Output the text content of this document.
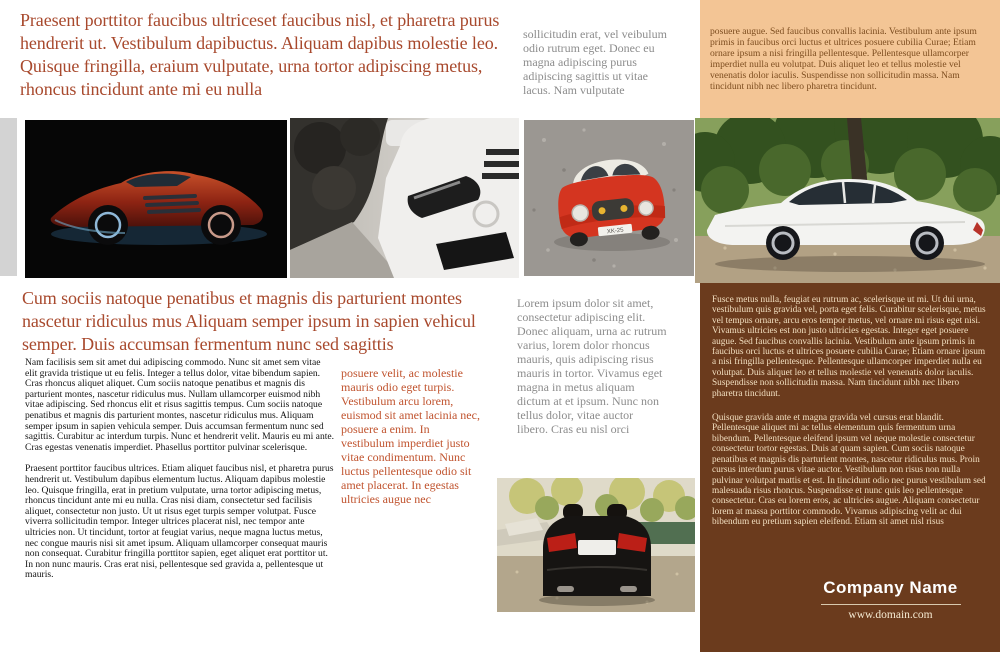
Praesent porttitor faucibus ultriceset faucibus nisl, et pharetra purus hendrerit ut. Vestibulum dapibuctus. Aliquam dapibus molestie leo. Quisque fringilla, eraium vulputate, urna tortor adipiscing metus, rhoncus tincidunt ante mi eu nulla
sollicitudin erat, vel veibulum odio rutrum eget. Donec eu magna adipiscing purus adipiscing sagittis ut vitae lacus. Nam vulputate

posuere augue. Sed faucibus convallis lacinia. Vestibulum ante ipsum primis in faucibus orci luctus et ultrices posuere cubilia Curae; Etiam ornare ipsum a nisi fringilla pellentesque. Pellentesque ullamcorper imperdiet nulla eu volutpat. Duis aliquet leo et tellus molestie vel venenatis dolor iaculis. Suspendisse non sollicitudin massa. Nam tincidunt nibh nec libero pharetra tincidunt.

XK-25
Cum sociis natoque penatibus et magnis dis parturient montes nascetur ridiculus mus Aliquam semper ipsum in sapien vehicul semper. Duis accumsan fermentum nunc sed sagittis

Nam facilisis sem sit amet dui adipiscing commodo. Nunc sit amet sem vitae elit gravida tristique ut eu felis. Integer a tellus dolor, vitae bibendum sapien. Cras rhoncus aliquet aliquet. Cum sociis natoque penatibus et magnis dis parturient montes, nascetur ridiculus mus. Nullam ullamcorper euismod nibh vitae adipiscing. Sed rhoncus elit et risus sagittis tempus. Cum sociis natoque penatibus et magnis dis parturient montes, nascetur ridiculus mus. Aliquam semper ipsum in sapien vehicula semper. Duis accumsan fermentum nunc sed sagittis. Curabitur ac interdum turpis. Nunc et hendrerit velit. Mauris eu mi ante. Cras egestas venenatis imperdiet. Phasellus porttitor pulvinar scelerisque.

Praesent porttitor faucibus ultrices. Etiam aliquet faucibus nisl, et pharetra purus hendrerit ut. Vestibulum dapibus elementum luctus. Aliquam dapibus molestie leo. Quisque fringilla, erat in pretium vulputate, urna tortor adipiscing metus, rhoncus tincidunt ante mi eu nulla. Cras nisi diam, consectetur sed facilisis aliquet, consectetur non justo. Ut ut risus eget turpis semper volutpat. Fusce viverra sollicitudin tempor. Integer ultrices placerat nisl, nec tempor ante ultricies non. Ut tincidunt, tortor at feugiat varius, neque magna luctus metus, nec congue mauris nisi sit amet ipsum. Aliquam ullamcorper consequat mauris non consequat. Curabitur fringilla porttitor sapien, eget aliquet erat porttitor ut. In non nunc mauris. Cras erat nisi, pellentesque sed gravida a, pellentesque ut mauris.

posuere velit, ac molestie mauris odio eget turpis. Vestibulum arcu lorem, euismod sit amet lacinia nec, posuere a enim. In vestibulum imperdiet justo vitae condimentum. Nunc luctus pellentesque odio sit amet placerat. In egestas ultricies augue nec
Lorem ipsum dolor sit amet, consectetur adipiscing elit. Donec aliquam, urna ac rutrum varius, lorem dolor rhoncus mauris, quis adipiscing risus mauris in tortor. Vivamus eget magna in metus aliquam dictum at et ipsum. Nunc non tellus dolor, vitae auctor libero. Cras eu nisl orci

Fusce metus nulla, feugiat eu rutrum ac, scelerisque ut mi. Ut dui urna, vestibulum quis gravida vel, porta eget felis. Curabitur scelerisque, metus vel tempus ornare, arcu eros tempor metus, vel ornare mi risus eget nisi. Vivamus ultricies est non justo ultricies egestas. Integer eget posuere augue. Sed faucibus convallis lacinia. Vestibulum ante ipsum primis in faucibus orci luctus et ultrices posuere cubilia Curae; Etiam ornare ipsum a nisi fringilla pellentesque. Pellentesque ullamcorper imperdiet nulla eu volutpat. Duis aliquet leo et tellus molestie vel venenatis dolor iaculis. Suspendisse non sollicitudin massa. Nam tincidunt nibh nec libero pharetra tincidunt.

Quisque gravida ante et magna gravida vel cursus erat blandit. Pellentesque aliquet mi ac tellus elementum quis fermentum urna bibendum. Pellentesque eleifend ipsum vel neque molestie consectetur consectetur tortor egestas. Duis at quam sapien. Cum sociis natoque penatibus et magnis dis parturient montes, nascetur ridiculus mus. Proin cursus interdum purus vitae auctor. Vestibulum non risus non nulla pulvinar volutpat mattis et est. In tincidunt odio nec purus vestibulum sed malesuada risus rhoncus. Suspendisse et nunc quis leo pellentesque consectetur. Cras eu lorem eros, ac ultricies augue. Aliquam consectetur lorem at massa porttitor commodo. Vivamus adipiscing velit ac dui bibendum eu pretium sapien eleifend. Etiam sit amet nisl risus

Company Name
www.domain.com
